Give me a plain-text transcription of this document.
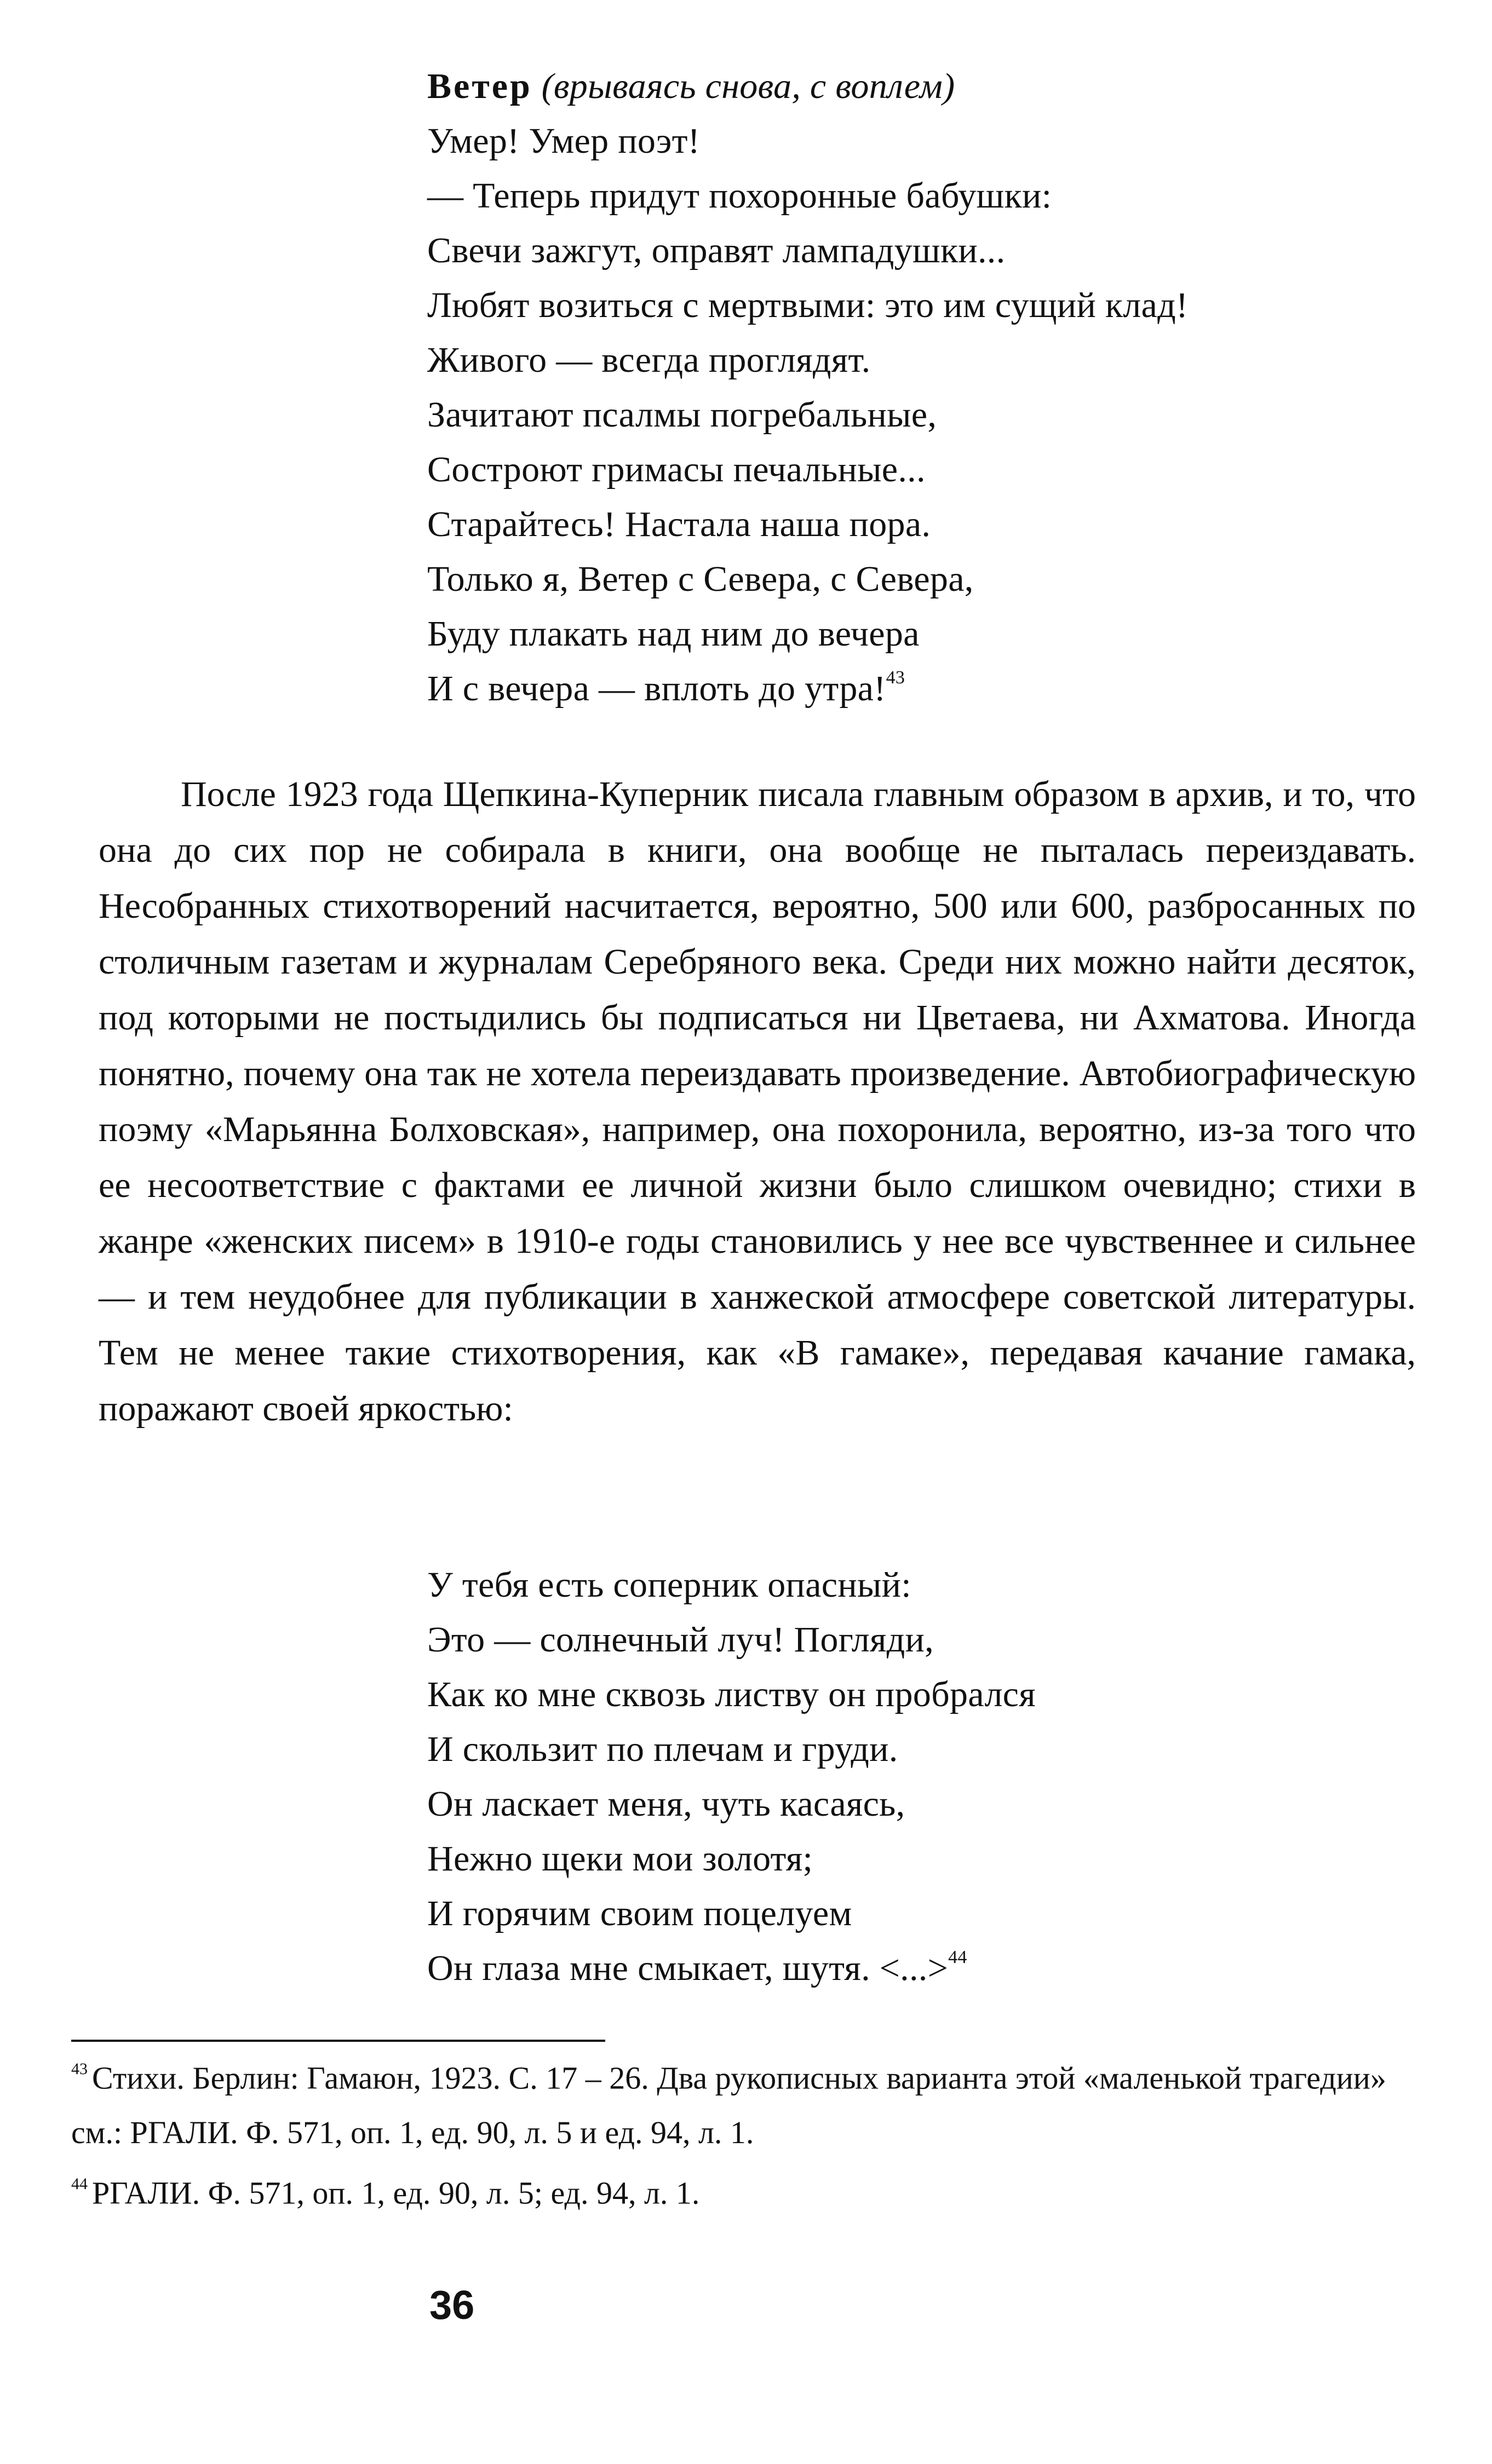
Ветер (врываясь снова, с воплем)
Умер! Умер поэт!
— Теперь придут похоронные бабушки:
Свечи зажгут, оправят лампадушки...
Любят возиться с мертвыми: это им сущий клад!
Живого — всегда проглядят.
Зачитают псалмы погребальные,
Состроют гримасы печальные...
Старайтесь! Настала наша пора.
Только я, Ветер с Севера, с Севера,
Буду плакать над ним до вечера
И с вечера — вплоть до утра!$^{43}$

После 1923 года Щепкина-Куперник писала главным образом в архив, и то, что она до сих пор не собирала в книги, она вообще не пыталась переиздавать. Несобранных стихотворений насчитается, вероятно, 500 или 600, разбросанных по столичным газетам и журналам Серебряного века. Среди них можно найти десяток, под которыми не постыдились бы подписаться ни Цветаева, ни Ахматова. Иногда понятно, почему она так не хотела переиздавать произведение. Автобиографическую поэму «Марьянна Болховская», например, она похоронила, вероятно, из-за того что ее несоответствие с фактами ее личной жизни было слишком очевидно; стихи в жанре «женских писем» в 1910-е годы становились у нее все чувственнее и сильнее — и тем неудобнее для публикации в ханжеской атмосфере советской литературы. Тем не менее такие стихотворения, как «В гамаке», передавая качание гамака, поражают своей яркостью:

У тебя есть соперник опасный:
Это — солнечный луч! Погляди,
Как ко мне сквозь листву он пробрался
И скользит по плечам и груди.
Он ласкает меня, чуть касаясь,
Нежно щеки мои золотя;
И горячим своим поцелуем
Он глаза мне смыкает, шутя. <...>$^{44}$

$^{43}$ Стихи. Берлин: Гамаюн, 1923. С. 17 – 26. Два рукописных варианта этой «маленькой трагедии» см.: РГАЛИ. Ф. 571, оп. 1, ед. 90, л. 5 и ед. 94, л. 1.

$^{44}$ РГАЛИ. Ф. 571, оп. 1, ед. 90, л. 5; ед. 94, л. 1.

36
